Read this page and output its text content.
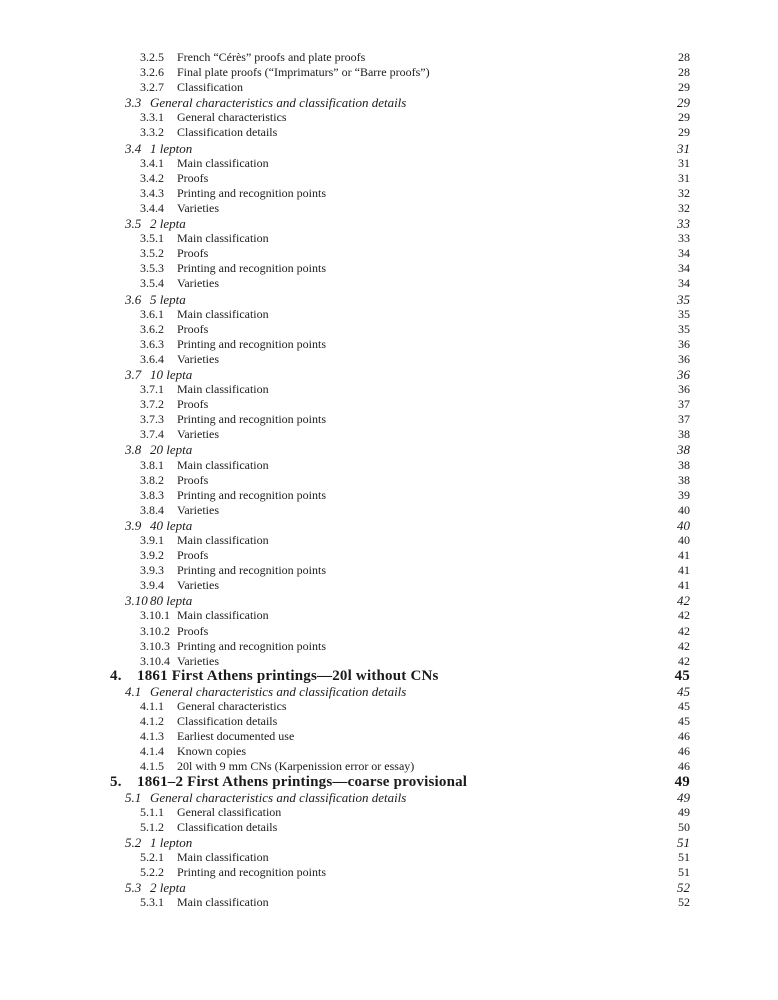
3.2.5	French “Cérès” proofs and plate proofs	28
3.2.6	Final plate proofs (“Imprimaturs” or “Barre proofs”)	28
3.2.7	Classification	29
3.3 General characteristics and classification details	29
3.3.1	General characteristics	29
3.3.2	Classification details	29
3.4 1 lepton	31
3.4.1	Main classification	31
3.4.2	Proofs	31
3.4.3	Printing and recognition points	32
3.4.4	Varieties	32
3.5 2 lepta	33
3.5.1	Main classification	33
3.5.2	Proofs	34
3.5.3	Printing and recognition points	34
3.5.4	Varieties	34
3.6 5 lepta	35
3.6.1	Main classification	35
3.6.2	Proofs	35
3.6.3	Printing and recognition points	36
3.6.4	Varieties	36
3.7 10 lepta	36
3.7.1	Main classification	36
3.7.2	Proofs	37
3.7.3	Printing and recognition points	37
3.7.4	Varieties	38
3.8 20 lepta	38
3.8.1	Main classification	38
3.8.2	Proofs	38
3.8.3	Printing and recognition points	39
3.8.4	Varieties	40
3.9 40 lepta	40
3.9.1	Main classification	40
3.9.2	Proofs	41
3.9.3	Printing and recognition points	41
3.9.4	Varieties	41
3.10 80 lepta	42
3.10.1 Main classification	42
3.10.2 Proofs	42
3.10.3 Printing and recognition points	42
3.10.4 Varieties	42
4.	1861 First Athens printings—20l without CNs	45
4.1 General characteristics and classification details	45
4.1.1	General characteristics	45
4.1.2	Classification details	45
4.1.3	Earliest documented use	46
4.1.4	Known copies	46
4.1.5	20l with 9 mm CNs (Karpenission error or essay)	46
5.	1861–2 First Athens printings—coarse provisional	49
5.1 General characteristics and classification details	49
5.1.1	General classification	49
5.1.2	Classification details	50
5.2 1 lepton	51
5.2.1	Main classification	51
5.2.2	Printing and recognition points	51
5.3 2 lepta	52
5.3.1	Main classification	52
